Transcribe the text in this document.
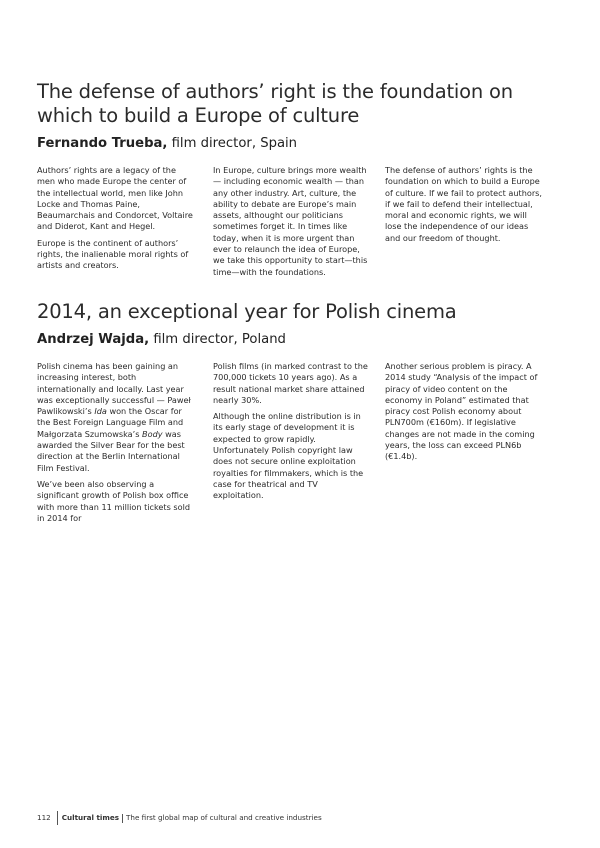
The defense of authors’ right is the foundation on which to build a Europe of culture
Fernando Trueba, film director, Spain

Authors’ rights are a legacy of the men who made Europe the center of the intellectual world, men like John Locke and Thomas Paine, Beaumarchais and Condorcet, Voltaire and Diderot, Kant and Hegel.

Europe is the continent of authors’ rights, the inalienable moral rights of artists and creators.

In Europe, culture brings more wealth — including economic wealth — than any other industry. Art, culture, the ability to debate are Europe’s main assets, althought our politicians sometimes forget it. In times like today, when it is more urgent than ever to relaunch the idea of Europe, we take this opportunity to start—this time—with the foundations.

The defense of authors’ rights is the foundation on which to build a Europe of culture. If we fail to protect authors, if we fail to defend their intellectual, moral and economic rights, we will lose the independence of our ideas and our freedom of thought.

2014, an exceptional year for Polish cinema
Andrzej Wajda, film director, Poland

Polish cinema has been gaining an increasing interest, both internationally and locally. Last year was exceptionally successful — Paweł Pawlikowski’s Ida won the Oscar for the Best Foreign Language Film and Małgorzata Szumowska’s Body was awarded the Silver Bear for the best direction at the Berlin International Film Festival.

We’ve been also observing a significant growth of Polish box office with more than 11 million tickets sold in 2014 for

Polish films (in marked contrast to the 700,000 tickets 10 years ago). As a result national market share attained nearly 30%.

Although the online distribution is in its early stage of development it is expected to grow rapidly. Unfortunately Polish copyright law does not secure online exploitation royalties for filmmakers, which is the case for theatrical and TV exploitation.

Another serious problem is piracy. A 2014 study “Analysis of the impact of piracy of video content on the economy in Poland” estimated that piracy cost Polish economy about PLN700m (€160m). If legislative changes are not made in the coming years, the loss can exceed PLN6b (€1.4b).

112 Cultural times The first global map of cultural and creative industries
